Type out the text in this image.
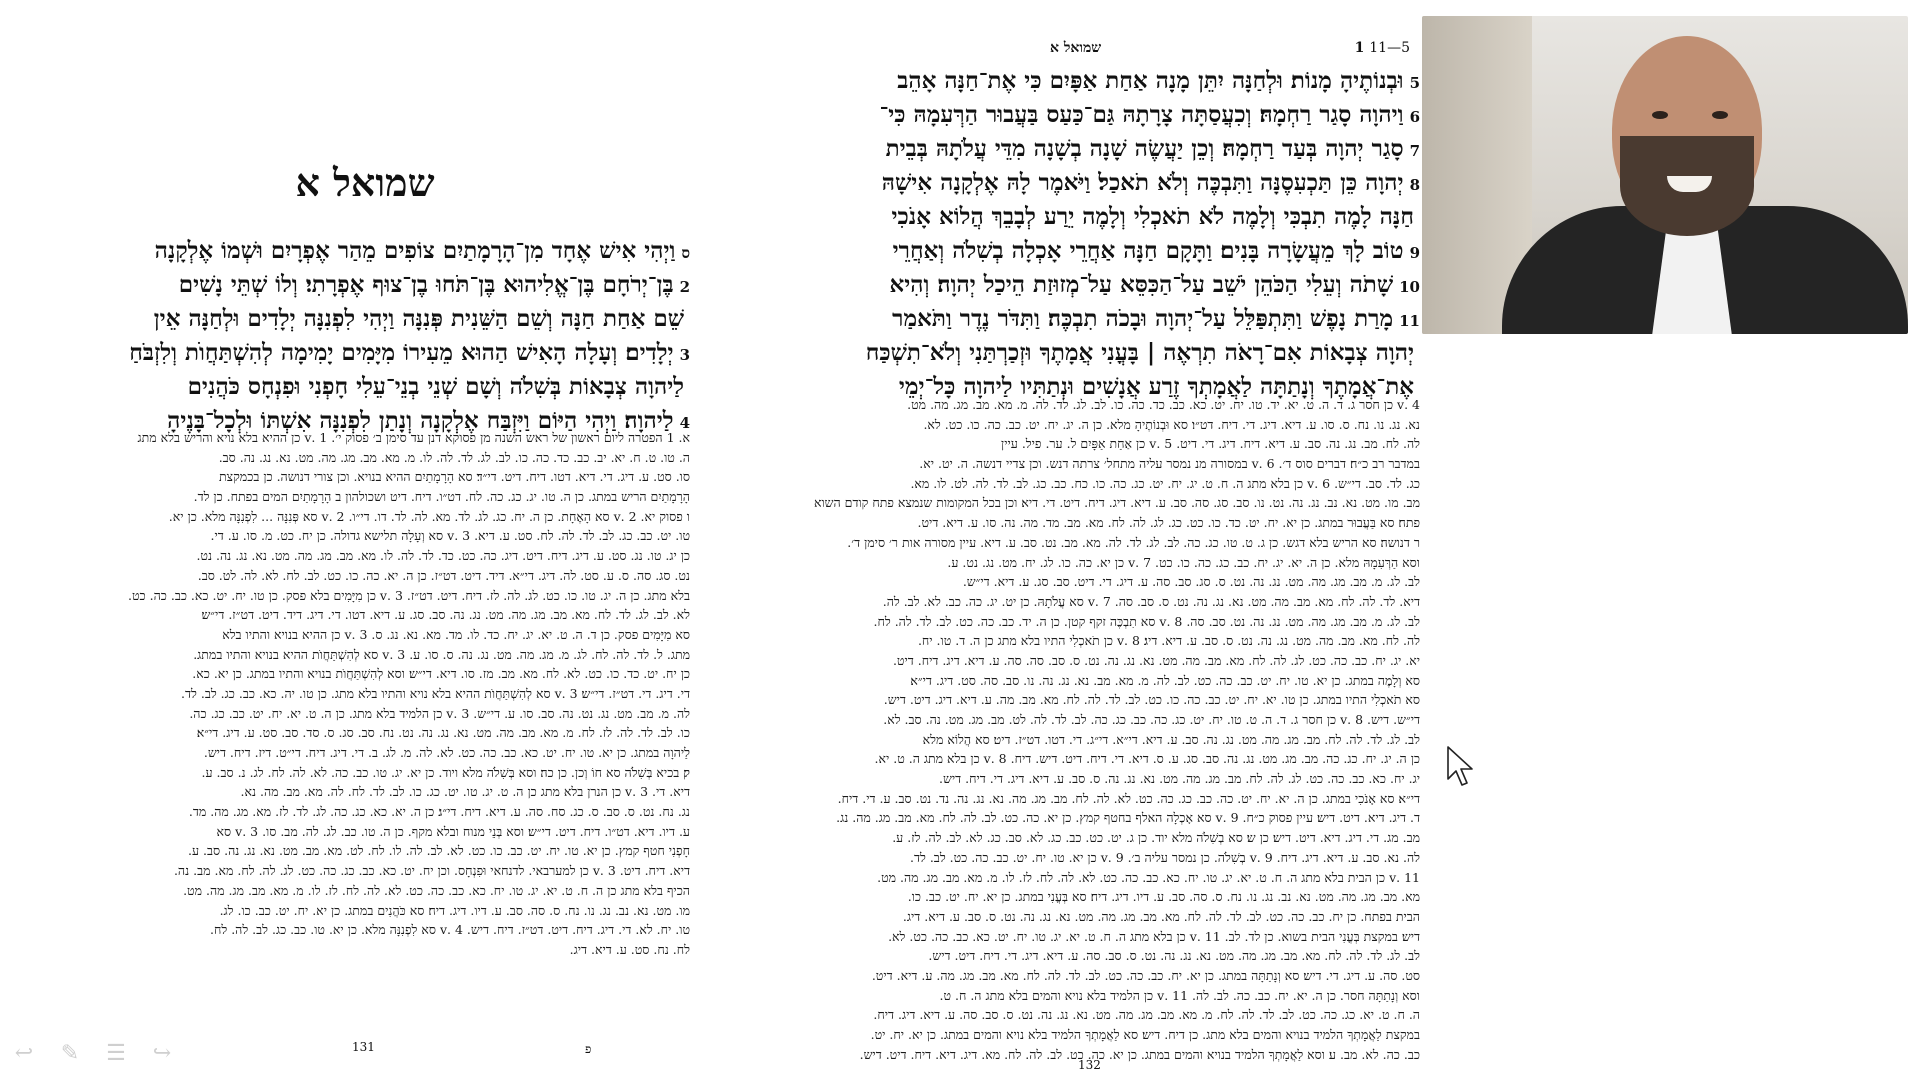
שמואל א
סוַיְהִי אִישׁ אֶחָד מִן־הָרָמָתַיִם צוֹפִים מֵהַר אֶפְרָיִם וּשְׁמוֹ אֶלְקָנָה
2בֶּן־יְרֹחָם בֶּן־אֱלִיהוּא בֶּן־תֹּחוּ בֶן־צוּף אֶפְרָתִי׃ וְלוֹ שְׁתֵּי נָשִׁים
שֵׁם אַחַת חַנָּה וְשֵׁם הַשֵּׁנִית פְּנִנָּה וַיְהִי לִפְנִנָּה יְלָדִים וּלְחַנָּה אֵין
3יְלָדִים׃ וְעָלָה הָאִישׁ הַהוּא מֵעִירוֹ מִיָּמִים יָמִימָה לְהִשְׁתַּחֲוֺת וְלִזְבֹּחַ
לַיהוָה צְבָאוֹת בְּשִׁלֹה וְשָׁם שְׁנֵי בְנֵי־עֵלִי חָפְנִי וּפִנְחָס כֹּהֲנִים
4לַיהוָה׃ וַיְהִי הַיּוֹם וַיִּזְבַּח אֶלְקָנָה וְנָתַן לִפְנִנָּה אִשְׁתּוֹ וּלְכָל־בָּנֶיהָ
א. 1 הפטרה ליום ראשון של ראש השנה מן פסוקא דנן עד סימן ב׳ פסוק י׳. 1 .v כן ההיא בלא נויא והריש בלא מתג
ה. טו. ט. ח. יא. יב. כב. כד. כה. כו. לב. לג. לד. לה. לו. מ. מא. מב. מג. מה. מט. נא. נג. נה. סב.
סו. סט. ע. דיג. די. דיא. דטו. דיח. דיט. די״ד׃ סא הָרָמָתַיִם ההיא בנויא. וכן צורי דנושה. כן בכמקצת
הָרָמָתַיִם הריש במתג. כן ה. טו. יג. כג. כה. לח. דט״ו. דיח. דיט ושכולהון ב הָרָמָתַיִם המים בפתח. כן לד.
ו פסוק יא. 2 .v סא הָאֶחָת. כן ה. יח. כג. לג. לד. מא. לה. לד. דו. די״ו. 2 .v סא פְּנִנָּה ... לִפְנִנָּה מלא. כן יא.
טו. יט. כב. כג. לב. לד. לה. לח. סט. ע. דיא. 3 .v סא וְעָלָה תלישא גדולה. כן יח. כט. מ. סו. ע. די.
כן יג. טו. נג. סט. ע. דיג. דיח. דיט. דיג. כה. כט. כד. לד. לה. לו. מא. מב. מג. מה. מט. נא. נג. נה. נט.
נט. סג. סה. ס. ע. סט. לה. דיג. די״א. דיד. דיט. דט״ז. כן ה. יא. כה. כו. כט. לב. לח. לא. לה. לט. סב.
בלא מתג. כן ה. יג. טו. כו. כט. לג. לה. לז. דיח. דיט. דט״ז. 3 .v כן מִיָּמִים בלא פסק. כן טו. יח. יט. כא. כב. כה. כט.
לא. לב. לג. לד. לח. מא. מב. מג. מה. מט. נג. נה. סב. סג. ע. דיא. דטו. די. דיג. דיד. דיט. דט״ז. די״ש׃
סא מִיָּמִים פסק. כן ד. ה. ט. יא. יג. יח. כד. לו. מד. מא. נא. נג. ס. 3 .v כן ההיא בנויא והתיו בלא
מתג. ל. לד. לה. לח. לג. מ. מג. מה. מט. נג. נה. ס. סו. ע. 3 .v סא לְהִשְׁתַּחֲוֺת ההיא בנויא והתיו במתג.
כן יח. יט. כד. כו. כט. לא. לח. מא. מב. מז. סו. דיא. די״ש׃ וסא לְהִשְׁתַּחֲוֺת בנויא והתיו במתג. כן יא. כא.
די. דיג. די. דט״ז. די״ש׃ 3 .v סא לְהִשְׁתַּחֲוֺת ההיא בלא נויא והתיו בלא מתג. כן טו. יה. כא. כב. כג. לב. לד.
לה. מ. מב. מט. נג. נט. נה. סב. סו. ע. די״ש. 3 .v כן הלמיד בלא מתג. כן ה. ט. יא. יח. יט. כב. כג. כה.
כו. לב. לד. לה. לז. לח. מ. מא. מב. מה. מט. נא. נג. נה. נט. נח. סב. סג. ס. סד. סב. סט. ע. דיג. די״א׃
לַיהוָה במתג. כן יא. טו. יח. יט. כא. כב. כה. כט. לא. לה. מ. לג. ב. די. דיג. דיח. די״ט. דיז. דיח. דיש.
ק׃ בכיא בְּשִׁלֹה סא חוֹ וְכן. כן כה׃ וסא בְּשִׁלֹה מלא ויוד. כן יא. יג. טו. כב. כה. לא. לה. לח. לג. נ. סב. ע.
דיא. די. 3 .v כן הנרן בלא מתג כן ה. ט. יג. טו. יט. כג. כו. לב. לד. לח. לה. מא. מב. מה. נא.
נג. נח. נט. ס. סב. ס. כג. סח. סה. ע. דיא. דיח. די״ג׃ כן ה. יא. כא. כג. כה. לג. לד. לז. מא. מג. מה. מד.
ע. דיו. דיא. דט״ו. דיח. דיט. די״ש׃ וסא בְּנֵי מנוח ובלא מקף. כן ה. טו. כב. לג. לה. מב. סו. 3 .v סא
חָפְנִי חטף קמץ. כן יא. טו. יח. יט. כב. כו. כט. לא. לב. לה. לו. לח. לט. מא. מב. מט. נא. נג. נה. סב. ע.
דיא. דיח. דיט. 3 .v כן למערבאי. לדנחאי וּפִנְחָס. וכן יח. יט. כא. כב. כג. כה. כט. לג. לה. לח. מא. מב. נה.
הכיף בלא מתג כן ה. ח. ט. יא. יג. טו. יח. כא. כב. כה. כט. לא. לה. לח. לז. לו. מ. מא. מב. מג. מה. מט.
מו. מט. נא. נב. נג. נו. נח. ס. סה. סב. ע. דיו. דיג. דיח׃ סא כֹּהֲנִים במתג. כן יא. יח. יט. כב. כו. לג.
טו. יח. לא. די. דיג. דיח. דיט. דט״ז. דיח. דיש. 4 .v סא לִפְנִנָּה מלא. כן יא. טו. כב. כג. לב. לה. לח.
לח. נח. סט. ע. דיא. דיג.
131	פ
שמואל א	1 11—5
5וּבְנוֹתֶיהָ מָנוֹת׃ וּלְחַנָּה יִתֵּן מָנָה אַחַת אַפָּיִם כִּי אֶת־חַנָּה אָהֵב
6וַיהוָה סָגַר רַחְמָהּ׃ וְכִעֲסַתָּה צָרָתָהּ גַּם־כַּעַס בַּעֲבוּר הַרְּעִמָהּ כִּי־
7סָגַר יְהוָה בְּעַד רַחְמָהּ׃ וְכֵן יַעֲשֶׂה שָׁנָה בְשָׁנָה מִדֵּי עֲלֹתָהּ בְּבֵית
8יְהוָה כֵּן תַּכְעִסֶנָּה וַתִּבְכֶּה וְלֹא תֹאכַל׃ וַיֹּאמֶר לָהּ אֶלְקָנָה אִישָׁהּ
חַנָּה לָמֶה תִבְכִּי וְלָמֶה לֹא תֹאכְלִי וְלָמֶה יֵרַע לְבָבֵךְ הֲלוֹא אָנֹכִי
9טוֹב לָךְ מֵעֲשָׂרָה בָּנִים׃ וַתָּקָם חַנָּה אַחֲרֵי אָכְלָה בְשִׁלֹה וְאַחֲרֵי
10שָׁתֹה וְעֵלִי הַכֹּהֵן יֹשֵׁב עַל־הַכִּסֵּא עַל־מְזוּזַת הֵיכַל יְהוָה׃ וְהִיא
11מָרַת נָפֶשׁ וַתִּתְפַּלֵּל עַל־יְהוָה וּבָכֹה תִבְכֶּה׃ וַתִּדֹּר נֶדֶר וַתֹּאמַר
יְהוָה צְבָאוֹת אִם־רָאֹה תִרְאֶה | בָּעֳנִי אֲמָתֶךָ וּזְכַרְתַּנִי וְלֹא־תִשְׁכַּח
אֶת־אֲמָתֶךָ וְנָתַתָּה לַאֲמָתְךָ זֶרַע אֲנָשִׁים וּנְתַתִּיו לַיהוָה כָּל־יְמֵי
4 .v כן חסר ג. ד. ה. ט. יא. יד. טו. יח. יט. כא. כב. כד. כה. כו. לב. לג. לד. לה. מ. מא. מב. מג. מה. מט.
נא. נג. נו. נח. ס. סו. ע. דיא. דיג. די. דיח. דט״ו׃ סא וּבְנוֹתֶיהָ מלא. כן ה. יג. יח. יט. כב. כה. כו. כט. לא.
לה. לח. מב. נג. נה. סב. ע. דיא. דיח. דיג. די. דיט. 5 .v כן אַחַת אַפָּיִם ל. ער. פיל. עיין
במדבר רב כ״ח׃ דברים סוס ד׳. 6 .v במסורה מנ נמסר עליה מתחל׳ צרתה דנש. וכן צדיי דנשה. ה. יט. יא.
כג. לד. סב. די״ש. 6 .v כן בלא מתג ה. ח. ט. יג. יח. יט. כג. כה. כו. כח. כב. כג. לב. לד. לה. לט. לו. מא.
מב. מו. מט. נא. נב. נג. נה. נט. נו. סב. סג. סה. סב. ע. דיא. דיג. דיח. דיט. די. דיא׃ וכן בכל המקומות שנמצא פתח קודם השוא
פתח׃ סא בַּעֲבוּר במתג. כן יא. יח. יט. כד. כו. כט. כג. לג. לה. לח. מא. מב. מד. מה. נה. סו. ע. דיא. דיט.
ר דנושה׃ סא הריש בלא דגש. כן ג. ט. טו. כג. כה. לב. לג. לד. לה. מא. מב. נט. סב. ע. דיא. עיין מסורה אות ר׳ סימן ד׳.
וסא הַרְּעִמָהּ מלא. כן ה. יא. יג. יח. כב. כג. כה. כו. כט. 7 .v כן יא. כה. כו. לג. יח. מט. נג. נט. ע.
לב. לג. מ. מב. מג. מה. מט. נג. נה. נט. ס. סג. סב. סה. ע. דיג. די. דיט. סב. סג. ע. דיא. די״ש.
דיא. לד. לה. לח. מא. מב. מה. מט. נא. נג. נה. נט. ס. סב. סה. 7 .v סא עֲלֹתָהּ. כן יט. יג. כה. כב. לא. לב. לה.
לב. לג. מ. מב. מג. מה. מט. נג. נה. נט. סב. סה. 8 .v סא תִבְכֶּה זקף קטן. כן ה. יד. כב. כה. כט. לב. לד. לה. לח.
לה. לח. מא. מב. מה. מט. נג. נה. נט. ס. סב. ע. דיא. דיג׃ 8 .v כן תֹאכְלִי התיו בלא מתג כן ה. ד. טו. יח.
יא. יג. יח. כב. כה. כט. לג. לה. לח. מא. מב. מה. מט. נא. נג. נה. נט. ס. סב. סה. סה. ע. דיא. דיג. דיח. דיט.
סא וְלָמֶה במתג. כן יא. טו. יח. יט. כב. כה. כט. לב. לה. מ. מא. מב. נא. נג. נה. נו. סב. סה. סט. דיג. די״א׃
סא תֹאכְלִי התיו במתג. כן טו. יא. יח. יט. כב. כה. כו. כט. לב. לד. לה. לח. מא. מב. מה. ע. דיא. דיג. דיט. דיש.
די״ש. דיש. 8 .v כן חסר ג. ד. ה. ט. טו. יח. יט. כג. כה. כב. כג. כה. לב. לד. לה. לט. מב. מג. מט. נה. סב. לא.
לב. לג. לד. לה. לח. מב. מג. מה. מט. נג. נה. סב. ע. דיא. די״א. די״ג. די. דטו. דט״ז. דיט׃ סא הֲלוֹא מלא
כן ה. יג. יח. כג. כה. מב. מג. מט. נג. נה. סב. סג. ע. ס. דיא. די. דיח. דיט. דיש. דיח. 8 .v כן בלא מתג ה. ט. יא.
יג. יח. כא. כב. כה. כט. לג. לה. לח. מב. מג. מה. מט. נא. נג. נה. ס. סב. ע. דיא. דיג. די. דיח. דיש.
די״א׃ סא אָנֹכִי במתג. כן ה. יא. יח. יט. כה. כב. כג. כה. כט. לא. לה. לח. מב. מג. מה. נא. נג. נה. נד. נט. סב. ע. די. דיח.
ד. דיג. דיא. דיט. דיש׃ עיין פסוק כ״ח. 9 .v סא אָכְלָה האלף בחטף קמץ. כן יא. כה. כט. לב. לה. לח. מא. מב. מג. מה. נג.
מב. מג. די. דיג. דיא. דיט. דיש׃ כן ש׃ סא בְשִׁלֹה מלא יוד. כן ג. יט. כט. כב. כג. לא. סב. כג. לא. לב. לה. לז. ע.
לה. נא. סב. ע. דיא. דיג. דיח. 9 .v בְשִׁלֹה. כן נמסר עליה ב׳. 9 .v כן יא. טו. יח. יט. כב. כה. כט. לב. לד.
11 .v כן הבית בלא מתג ה. ח. ט. יא. יג. טו. יח. כא. כב. כה. כט. לא. לה. לח. לז. לו. מ. מא. מב. מג. מה. מט.
מא. מב. מג. מה. מט. נא. נב. נג. נו. נח. ס. סה. סב. ע. דיו. דיג. דיח׃ סא בְּעֳנִי במתג. כן יא. יח. יט. כב. כו.
הבית בפתח. כן יח. כב. כה. כט. לב. לד. לה. לח. מא. מב. מג. מה. מט. נא. נג. נה. נט. ס. סב. ע. דיא. דיג.
דיש׃ במקצת בְּעֳנִי הבית בשוא. כן לד. לב. 11 .v כן בלא מתג ה. ח. ט. יא. יג. טו. יח. יט. כא. כב. כה. כט. לא.
לב. לג. לד. לה. לח. מא. מב. מג. מה. מט. נא. נג. נה. נט. ס. סב. סה. ע. דיא. דיג. די. דיח. דיט. דיש.
סט. סה. ע. דיג. די. דיש׃ סא וְנָתַתָּה במתג. כן יא. יח. כב. כה. כט. לב. לד. לה. לח. מא. מב. מג. מה. ע. דיא. דיט.
וסא וְנָתַתָּה חסר. כן ה. יא. יח. כב. כה. לב. לה. 11 .v כן הלמיד בלא נויא והמים בלא מתג ה. ח. ט.
ה. ח. ט. יא. כג. כה. כט. לב. לד. לה. לח. מ. מא. מב. מג. מה. מט. נא. נג. נה. נט. ס. סב. סה. ע. דיא. דיג. דיח.
במקצת לַאֲמָתְךָ הלמיד בנויא והמים בלא מתג. כן דיח. דיש׃ סא לַאֲמָתְךָ הלמיד בלא נויא והמים במתג. כן יא. יח. יט.
כב. כה. לא. מב. ע׃ וסא לַאֲמָתְךָ הלמיד בנויא והמים במתג. כן יא. כה. כט. לב. לה. לח. מא. דיג. דיא. דיח. דיט. דיש.
132
↩ ✎ ☰ ↪
